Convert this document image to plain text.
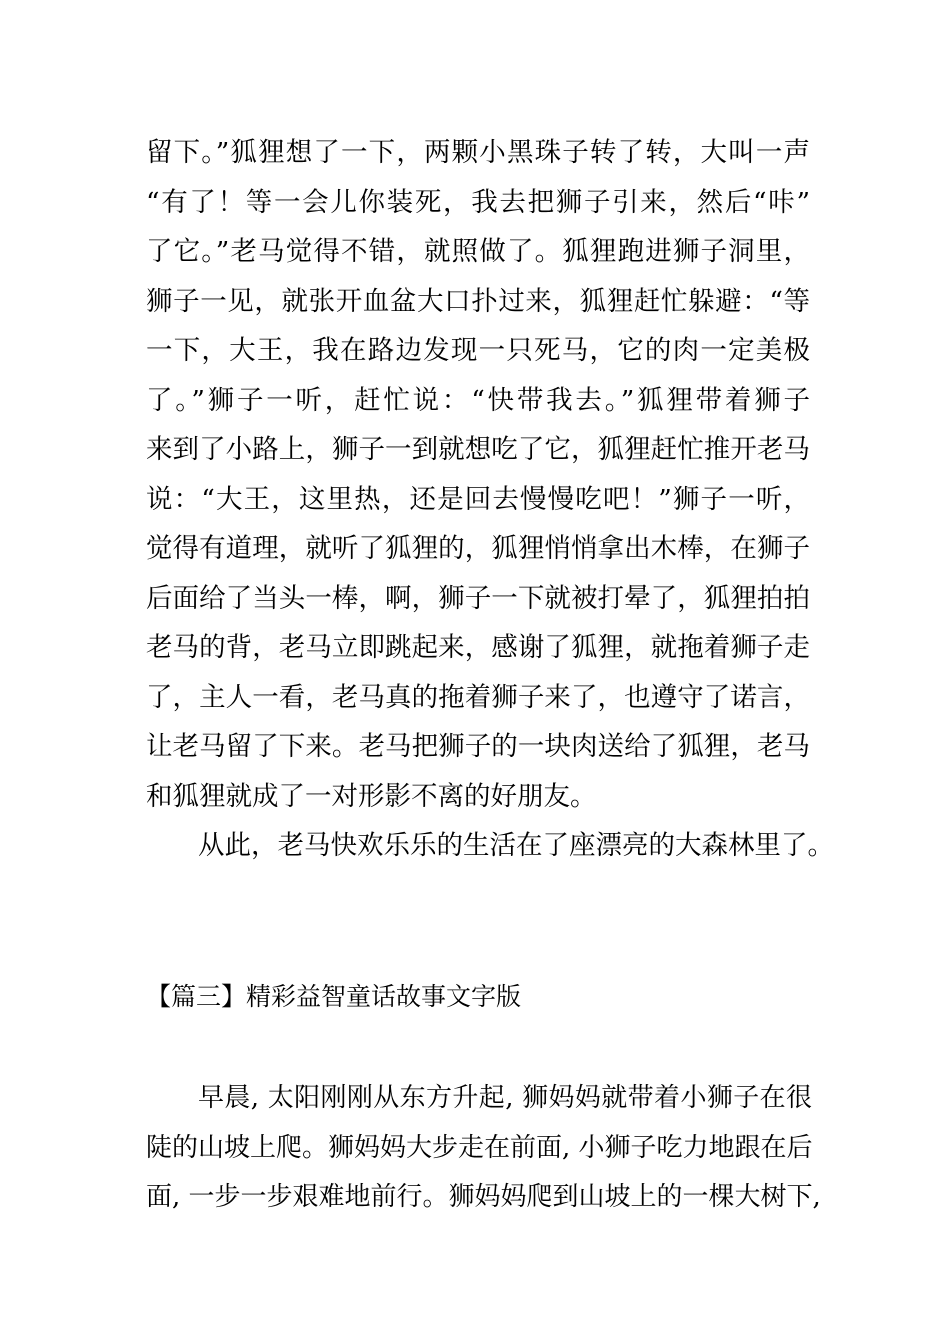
留下。”狐狸想了一下，两颗小黑珠子转了转，大叫一声
“有了！等一会儿你装死，我去把狮子引来，然后“咔”
了它。”老马觉得不错，就照做了。狐狸跑进狮子洞里，
狮子一见，就张开血盆大口扑过来，狐狸赶忙躲避：“等
一下，大王，我在路边发现一只死马，它的肉一定美极
了。”狮子一听，赶忙说：“快带我去。”狐狸带着狮子
来到了小路上，狮子一到就想吃了它，狐狸赶忙推开老马
说：“大王，这里热，还是回去慢慢吃吧！”狮子一听，
觉得有道理，就听了狐狸的，狐狸悄悄拿出木棒，在狮子
后面给了当头一棒，啊，狮子一下就被打晕了，狐狸拍拍
老马的背，老马立即跳起来，感谢了狐狸，就拖着狮子走
了，主人一看，老马真的拖着狮子来了，也遵守了诺言，
让老马留了下来。老马把狮子的一块肉送给了狐狸，老马
和狐狸就成了一对形影不离的好朋友。
从此，老马快欢乐乐的生活在了座漂亮的大森林里了。
【篇三】精彩益智童话故事文字版
早晨, 太阳刚刚从东方升起, 狮妈妈就带着小狮子在很
陡的山坡上爬。狮妈妈大步走在前面, 小狮子吃力地跟在后
面, 一步一步艰难地前行。狮妈妈爬到山坡上的一棵大树下,
